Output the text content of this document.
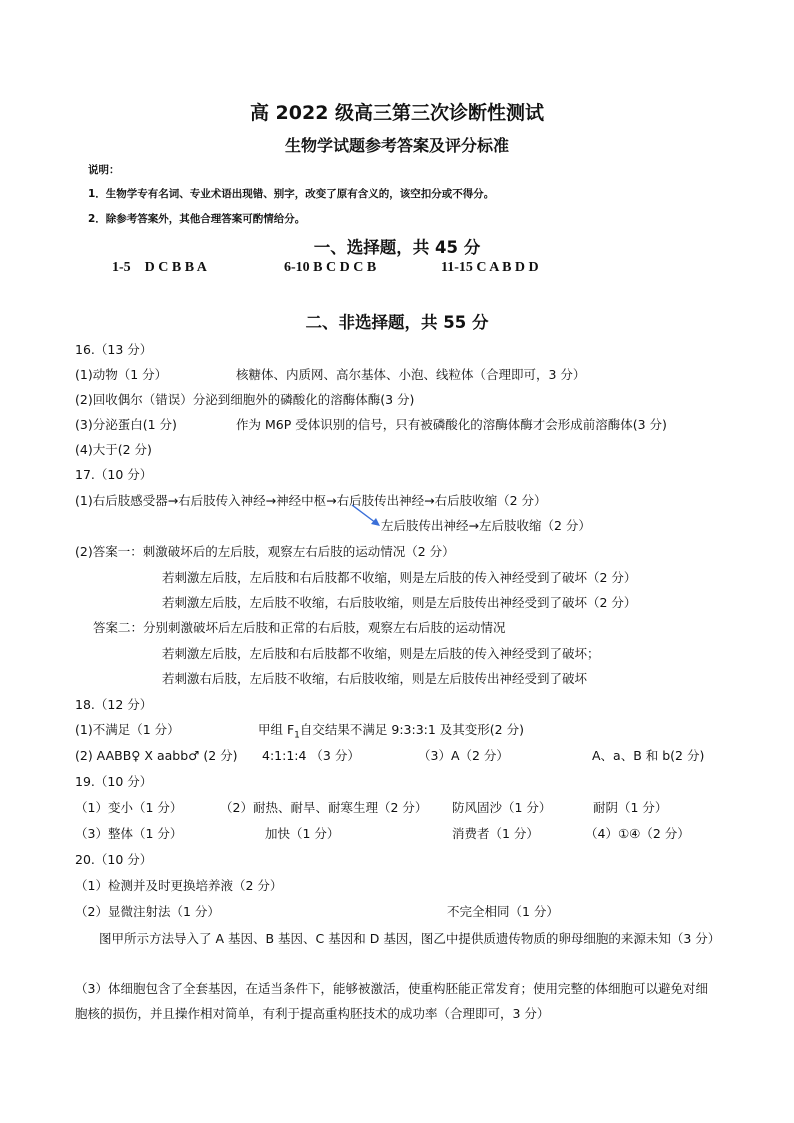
高 2022 级高三第三次诊断性测试
生物学试题参考答案及评分标准
说明：
1．生物学专有名词、专业术语出现错、别字，改变了原有含义的，该空扣分或不得分。
2．除参考答案外，其他合理答案可酌情给分。
一、选择题，共 45 分
1-5 D C B B A	6-10 B C D C B	11-15 C A B D D
二、非选择题，共 55 分
16.（13 分）
(1)动物（1 分）	核糖体、内质网、高尔基体、小泡、线粒体（合理即可，3 分）
(2)回收偶尔（错误）分泌到细胞外的磷酸化的溶酶体酶(3 分)
(3)分泌蛋白(1 分)	作为 M6P 受体识别的信号，只有被磷酸化的溶酶体酶才会形成前溶酶体(3 分)
(4)大于(2 分)
17.（10 分）
(1)右后肢感受器→右后肢传入神经→神经中枢→右后肢传出神经→右后肢收缩（2 分）
左后肢传出神经→左后肢收缩（2 分）
(2)答案一：刺激破坏后的左后肢，观察左右后肢的运动情况（2 分）
若刺激左后肢，左后肢和右后肢都不收缩，则是左后肢的传入神经受到了破坏（2 分）
若刺激左后肢，左后肢不收缩，右后肢收缩，则是左后肢传出神经受到了破坏（2 分）
答案二：分别刺激破坏后左后肢和正常的右后肢，观察左右后肢的运动情况
若刺激左后肢，左后肢和右后肢都不收缩，则是左后肢的传入神经受到了破坏；
若刺激右后肢，左后肢不收缩，右后肢收缩，则是左后肢传出神经受到了破坏
18.（12 分）
(1)不满足（1 分）	甲组 $F_1$自交结果不满足 9:3:3:1 及其变形(2 分)
(2) AABB♀ X aabb♂ (2 分) 4:1:1:4 （3 分）	（3）A（2 分）	A、a、B 和 b(2 分)
19.（10 分）
（1）变小（1 分）	（2）耐热、耐旱、耐寒生理（2 分） 防风固沙（1 分）	耐阴（1 分）
（3）整体（1 分）	加快（1 分）	消费者（1 分）	（4）①④（2 分）
20.（10 分）
（1）检测并及时更换培养液（2 分）
（2）显微注射法（1 分）	不完全相同（1 分）
图甲所示方法导入了 A 基因、B 基因、C 基因和 D 基因，图乙中提供质遗传物质的卵母细胞的来源未知（3 分）
（3）体细胞包含了全套基因，在适当条件下，能够被激活，使重构胚能正常发育；使用完整的体细胞可以避免对细胞核的损伤，并且操作相对简单，有利于提高重构胚技术的成功率（合理即可，3 分）
